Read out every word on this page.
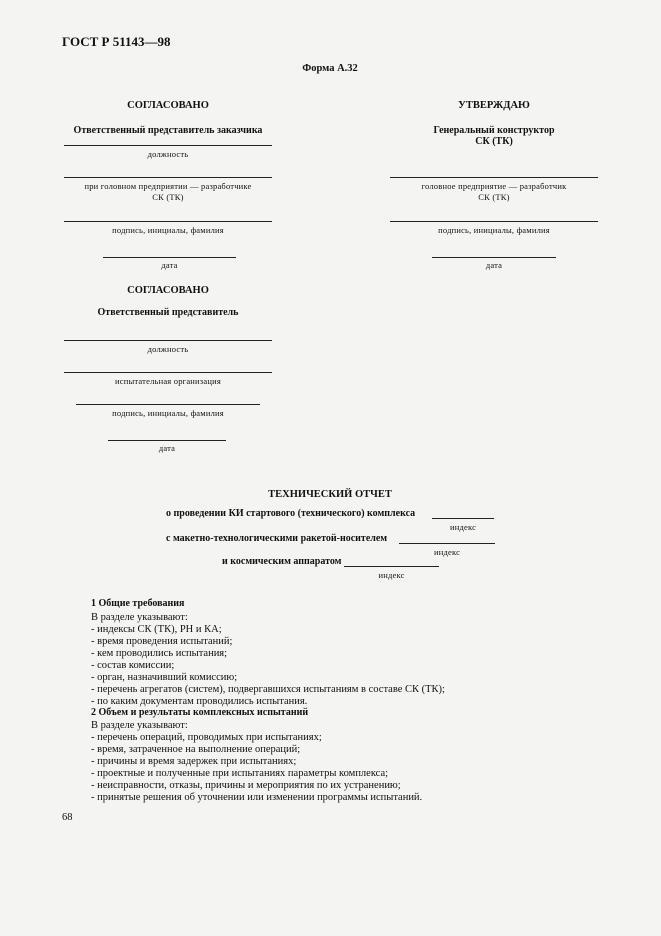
ГОСТ Р 51143—98
Форма А.32
СОГЛАСОВАНО
Ответственный представитель заказчика
должность
при головном предприятии — разработчике
СК (ТК)
подпись, инициалы, фамилия
дата
УТВЕРЖДАЮ
Генеральный конструктор
СК (ТК)
головное предприятие — разработчик
СК (ТК)
подпись, инициалы, фамилия
дата
СОГЛАСОВАНО
Ответственный представитель
должность
испытательная организация
подпись, инициалы, фамилия
дата
ТЕХНИЧЕСКИЙ ОТЧЕТ
о проведении КИ стартового (технического) комплекса
индекс
с макетно-технологическими ракетой-носителем
индекс
и космическим аппаратом
индекс
1 Общие требования
В разделе указывают:
- индексы СК (ТК), РН и КА;
- время проведения испытаний;
- кем проводились испытания;
- состав комиссии;
- орган, назначивший комиссию;
- перечень агрегатов (систем), подвергавшихся испытаниям в составе СК (ТК);
- по каким документам проводились испытания.
2 Объем и результаты комплексных испытаний
В разделе указывают:
- перечень операций, проводимых при испытаниях;
- время, затраченное на выполнение операций;
- причины и время задержек при испытаниях;
- проектные и полученные при испытаниях параметры комплекса;
- неисправности, отказы, причины и мероприятия по их устранению;
- принятые решения об уточнении или изменении программы испытаний.
68
